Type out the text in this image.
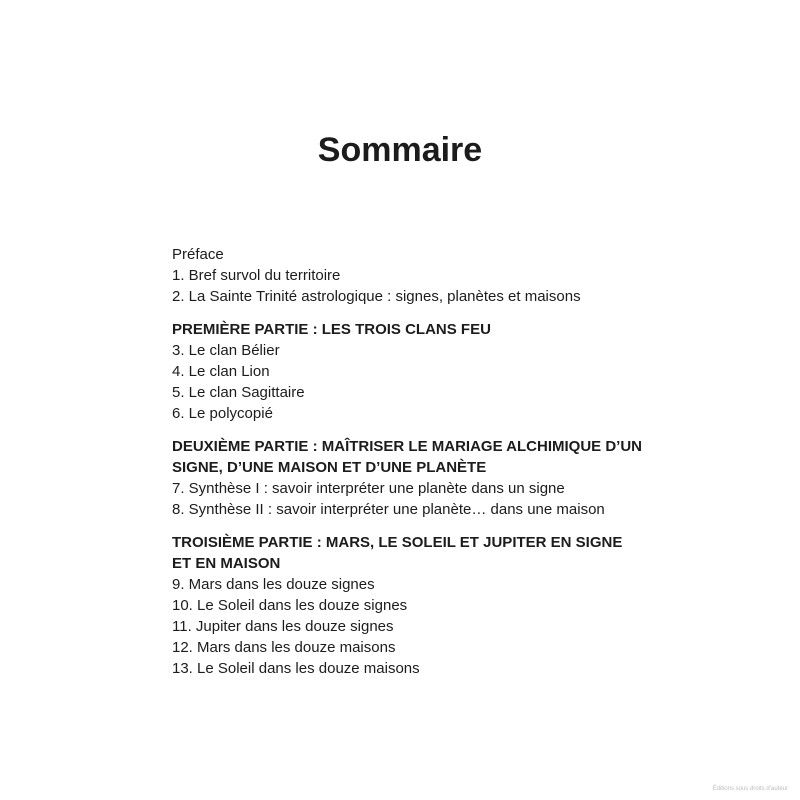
Sommaire
Préface
1. Bref survol du territoire
2. La Sainte Trinité astrologique : signes, planètes et maisons
PREMIÈRE PARTIE : LES TROIS CLANS FEU
3. Le clan Bélier
4. Le clan Lion
5. Le clan Sagittaire
6. Le polycopié
DEUXIÈME PARTIE : MAÎTRISER LE MARIAGE ALCHIMIQUE D’UN SIGNE, D’UNE MAISON ET D’UNE PLANÈTE
7. Synthèse I : savoir interpréter une planète dans un signe
8. Synthèse II : savoir interpréter une planète… dans une maison
TROISIÈME PARTIE : MARS, LE SOLEIL ET JUPITER EN SIGNE ET EN MAISON
9. Mars dans les douze signes
10. Le Soleil dans les douze signes
11. Jupiter dans les douze signes
12. Mars dans les douze maisons
13. Le Soleil dans les douze maisons
Éditions sous droits d’auteur
